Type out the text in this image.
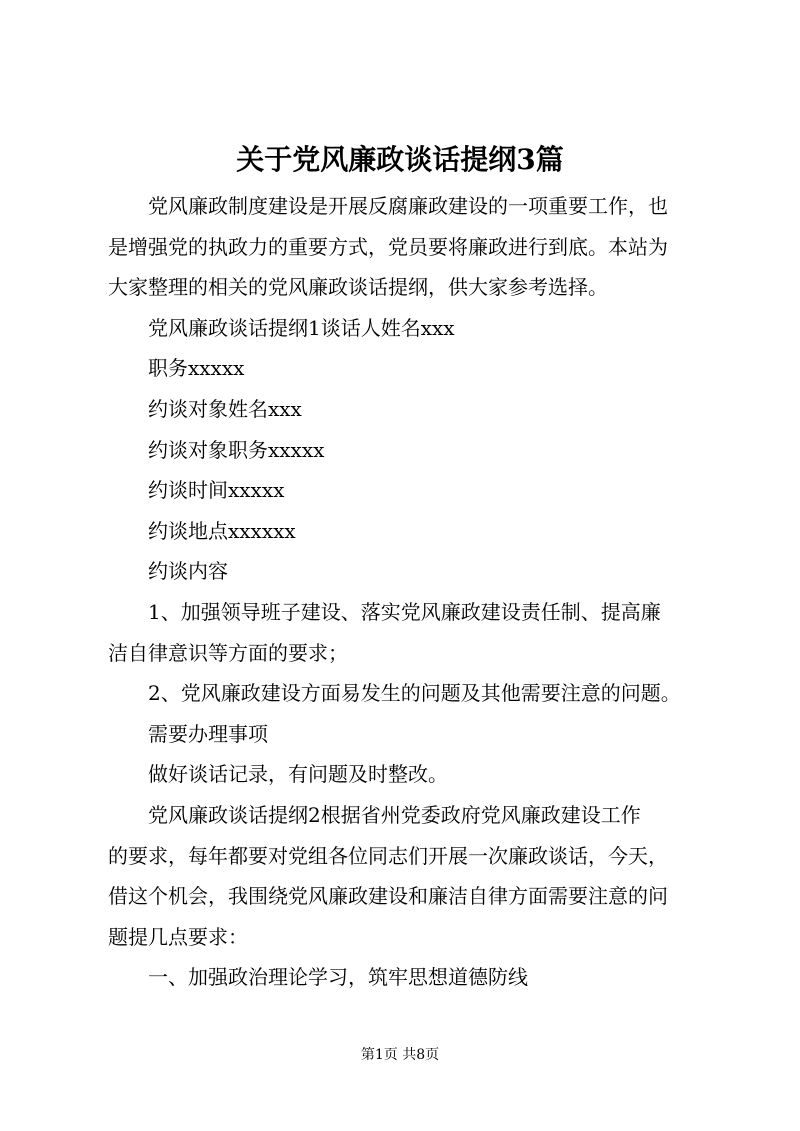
关于党风廉政谈话提纲3篇

党风廉政制度建设是开展反腐廉政建设的一项重要工作，也
是增强党的执政力的重要方式，党员要将廉政进行到底。本站为
大家整理的相关的党风廉政谈话提纲，供大家参考选择。

党风廉政谈话提纲1谈话人姓名xxx

职务xxxxx

约谈对象姓名xxx

约谈对象职务xxxxx

约谈时间xxxxx

约谈地点xxxxxx

约谈内容

1、加强领导班子建设、落实党风廉政建设责任制、提高廉
洁自律意识等方面的要求；

2、党风廉政建设方面易发生的问题及其他需要注意的问题。

需要办理事项

做好谈话记录，有问题及时整改。

党风廉政谈话提纲2根据省州党委政府党风廉政建设工作
的要求，每年都要对党组各位同志们开展一次廉政谈话，今天，
借这个机会，我围绕党风廉政建设和廉洁自律方面需要注意的问
题提几点要求：

一、加强政治理论学习，筑牢思想道德防线

第1页 共8页
